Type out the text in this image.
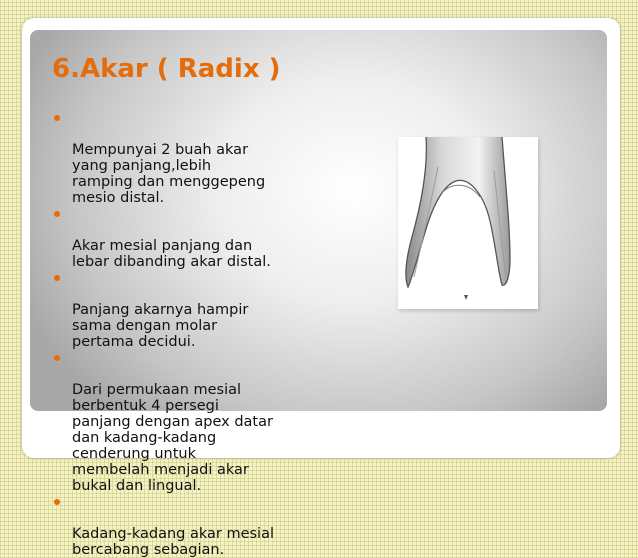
6.Akar ( Radix )

Mempunyai 2 buah akar
yang panjang,lebih
ramping dan menggepeng
mesio distal.

Akar mesial panjang dan
lebar dibanding akar distal.

Panjang akarnya hampir
sama dengan molar
pertama decidui.

Dari permukaan mesial
berbentuk 4 persegi
panjang dengan apex datar
dan kadang-kadang
cenderung untuk
membelah menjadi akar
bukal dan lingual.

Kadang-kadang akar mesial
bercabang sebagian.
